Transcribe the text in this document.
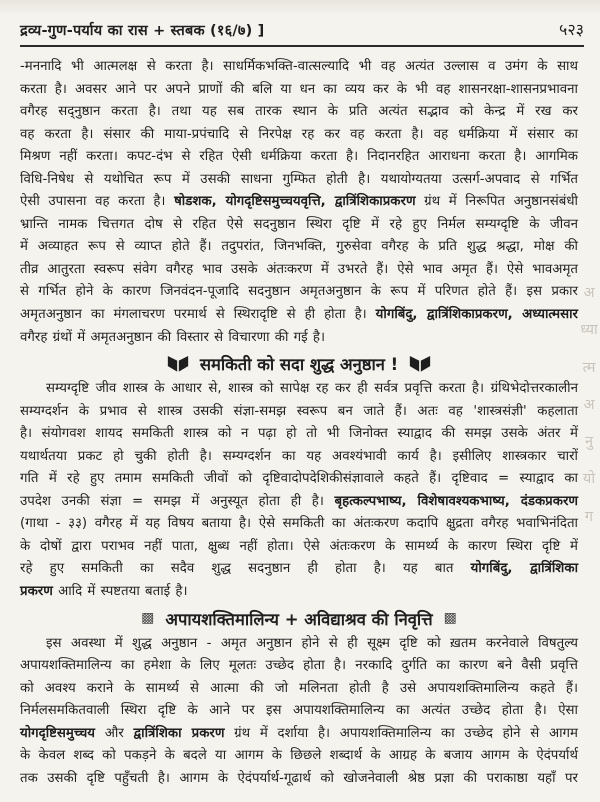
द्रव्य-गुण-पर्याय का रास + स्तबक (१६/७) ]	५२३
-मननादि भी आत्मलक्ष से करता है। साधर्मिकभक्ति-वात्सल्यादि भी वह अत्यंत उल्लास व उमंग के साथ
करता है। अवसर आने पर अपने प्राणों की बलि या धन का व्यय कर के भी वह शासनरक्षा-शासनप्रभावना
वगैरह सद्नुष्ठान करता है। तथा यह सब तारक स्थान के प्रति अत्यंत सद्भाव को केन्द्र में रख कर
वह करता है। संसार की माया-प्रपंचादि से निरपेक्ष रह कर वह करता है। वह धर्मक्रिया में संसार का
मिश्रण नहीं करता। कपट-दंभ से रहित ऐसी धर्मक्रिया करता है। निदानरहित आराधना करता है। आगमिक
विधि-निषेध से यथोचित रूप में उसकी साधना गुम्फित होती है। यथायोग्यतया उत्सर्ग-अपवाद से गर्भित
ऐसी उपासना वह करता है। षोडशक, योगदृष्टिसमुच्चयवृत्ति, द्वात्रिंशिकाप्रकरण ग्रंथ में निरूपित अनुष्ठानसंबंधी
भ्रान्ति नामक चित्तगत दोष से रहित ऐसे सदनुष्ठान स्थिरा दृष्टि में रहे हुए निर्मल सम्यग्दृष्टि के जीवन
में अव्याहत रूप से व्याप्त होते हैं। तदुपरांत, जिनभक्ति, गुरुसेवा वगैरह के प्रति शुद्ध श्रद्धा, मोक्ष की
तीव्र आतुरता स्वरूप संवेग वगैरह भाव उसके अंतःकरण में उभरते हैं। ऐसे भाव अमृत हैं। ऐसे भावअमृत
से गर्भित होने के कारण जिनवंदन-पूजादि सदनुष्ठान अमृतअनुष्ठान के रूप में परिणत होते हैं। इस प्रकार
अमृतअनुष्ठान का मंगलाचरण परमार्थ से स्थिरादृष्टि से ही होता है। योगबिंदु, द्वात्रिंशिकाप्रकरण, अध्यात्मसार
वगैरह ग्रंथों में अमृतअनुष्ठान की विस्तार से विचारणा की गई है।
समकिती को सदा शुद्ध अनुष्ठान !
सम्यग्दृष्टि जीव शास्त्र के आधार से, शास्त्र को सापेक्ष रह कर ही सर्वत्र प्रवृत्ति करता है। ग्रंथिभेदोत्तरकालीन
सम्यग्दर्शन के प्रभाव से शास्त्र उसकी संज्ञा-समझ स्वरूप बन जाते हैं। अतः वह 'शास्त्रसंज्ञी' कहलाता
है। संयोगवश शायद समकिती शास्त्र को न पढ़ा हो तो भी जिनोक्त स्याद्वाद की समझ उसके अंतर में
यथार्थतया प्रकट हो चुकी होती है। सम्यग्दर्शन का यह अवश्यंभावी कार्य है। इसीलिए शास्त्रकार चारों
गति में रहे हुए तमाम समकिती जीवों को दृष्टिवादोपदेशिकीसंज्ञावाले कहते हैं। दृष्टिवाद = स्याद्वाद का
उपदेश उनकी संज्ञा = समझ में अनुस्यूत होता ही है। बृहत्कल्पभाष्य, विशेषावश्यकभाष्य, दंडकप्रकरण
(गाथा - ३३) वगैरह में यह विषय बताया है। ऐसे समकिती का अंतःकरण कदापि क्षुद्रता वगैरह भवाभिनंदिता
के दोषों द्वारा पराभव नहीं पाता, क्षुब्ध नहीं होता। ऐसे अंतःकरण के सामर्थ्य के कारण स्थिरा दृष्टि में
रहे हुए समकिती का सदैव शुद्ध सदनुष्ठान ही होता है। यह बात योगबिंदु, द्वात्रिंशिका
प्रकरण आदि में स्पष्टतया बताई है।
▩ अपायशक्तिमालिन्य + अविद्याश्रव की निवृत्ति ▩
इस अवस्था में शुद्ध अनुष्ठान - अमृत अनुष्ठान होने से ही सूक्ष्म दृष्टि को ख़तम करनेवाले विषतुल्य
अपायशक्तिमालिन्य का हमेशा के लिए मूलतः उच्छेद होता है। नरकादि दुर्गति का कारण बने वैसी प्रवृत्ति
को अवश्य कराने के सामर्थ्य से आत्मा की जो मलिनता होती है उसे अपायशक्तिमालिन्य कहते हैं।
निर्मलसमकितवाली स्थिरा दृष्टि के आने पर इस अपायशक्तिमालिन्य का अत्यंत उच्छेद होता है। ऐसा
योगदृष्टिसमुच्चय और द्वात्रिंशिका प्रकरण ग्रंथ में दर्शाया है। अपायशक्तिमालिन्य का उच्छेद होने से आगम
के केवल शब्द को पकड़ने के बदले या आगम के छिछले शब्दार्थ के आग्रह के बजाय आगम के ऐदंपर्यार्थ
तक उसकी दृष्टि पहुँचती है। आगम के ऐदंपर्यार्थ-गूढार्थ को खोजनेवाली श्रेष्ठ प्रज्ञा की पराकाष्ठा यहाँ पर
अ
ध्या
त्म
अ
नु
यो
ग
